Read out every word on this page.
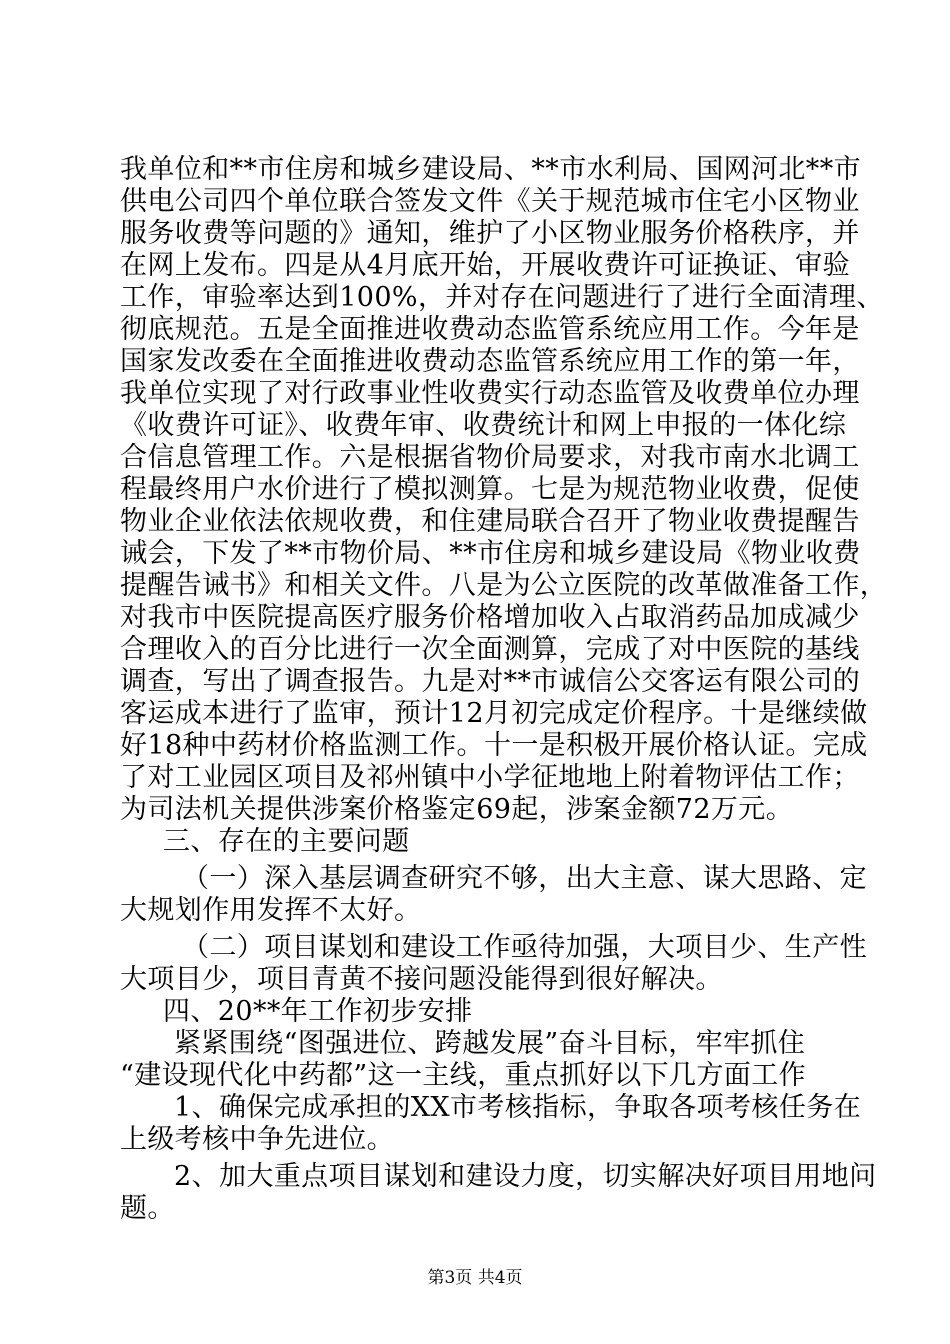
我单位和**市住房和城乡建设局、**市水利局、国网河北**市
供电公司四个单位联合签发文件《关于规范城市住宅小区物业
服务收费等问题的》通知，维护了小区物业服务价格秩序，并
在网上发布。四是从4月底开始，开展收费许可证换证、审验
工作，审验率达到100%，并对存在问题进行了进行全面清理、
彻底规范。五是全面推进收费动态监管系统应用工作。今年是
国家发改委在全面推进收费动态监管系统应用工作的第一年，
我单位实现了对行政事业性收费实行动态监管及收费单位办理
《收费许可证》、收费年审、收费统计和网上申报的一体化综
合信息管理工作。六是根据省物价局要求，对我市南水北调工
程最终用户水价进行了模拟测算。七是为规范物业收费，促使
物业企业依法依规收费，和住建局联合召开了物业收费提醒告
诫会，下发了**市物价局、**市住房和城乡建设局《物业收费
提醒告诫书》和相关文件。八是为公立医院的改革做准备工作，
对我市中医院提高医疗服务价格增加收入占取消药品加成减少
合理收入的百分比进行一次全面测算，完成了对中医院的基线
调查，写出了调查报告。九是对**市诚信公交客运有限公司的
客运成本进行了监审，预计12月初完成定价程序。十是继续做
好18种中药材价格监测工作。十一是积极开展价格认证。完成
了对工业园区项目及祁州镇中小学征地地上附着物评估工作；
为司法机关提供涉案价格鉴定69起，涉案金额72万元。
三、存在的主要问题
（一）深入基层调查研究不够，出大主意、谋大思路、定
大规划作用发挥不太好。
（二）项目谋划和建设工作亟待加强，大项目少、生产性
大项目少，项目青黄不接问题没能得到很好解决。
四、20**年工作初步安排
紧紧围绕“图强进位、跨越发展”奋斗目标，牢牢抓住
“建设现代化中药都”这一主线，重点抓好以下几方面工作
1、确保完成承担的XX市考核指标，争取各项考核任务在
上级考核中争先进位。
2、加大重点项目谋划和建设力度，切实解决好项目用地问
题。
第3页 共4页
